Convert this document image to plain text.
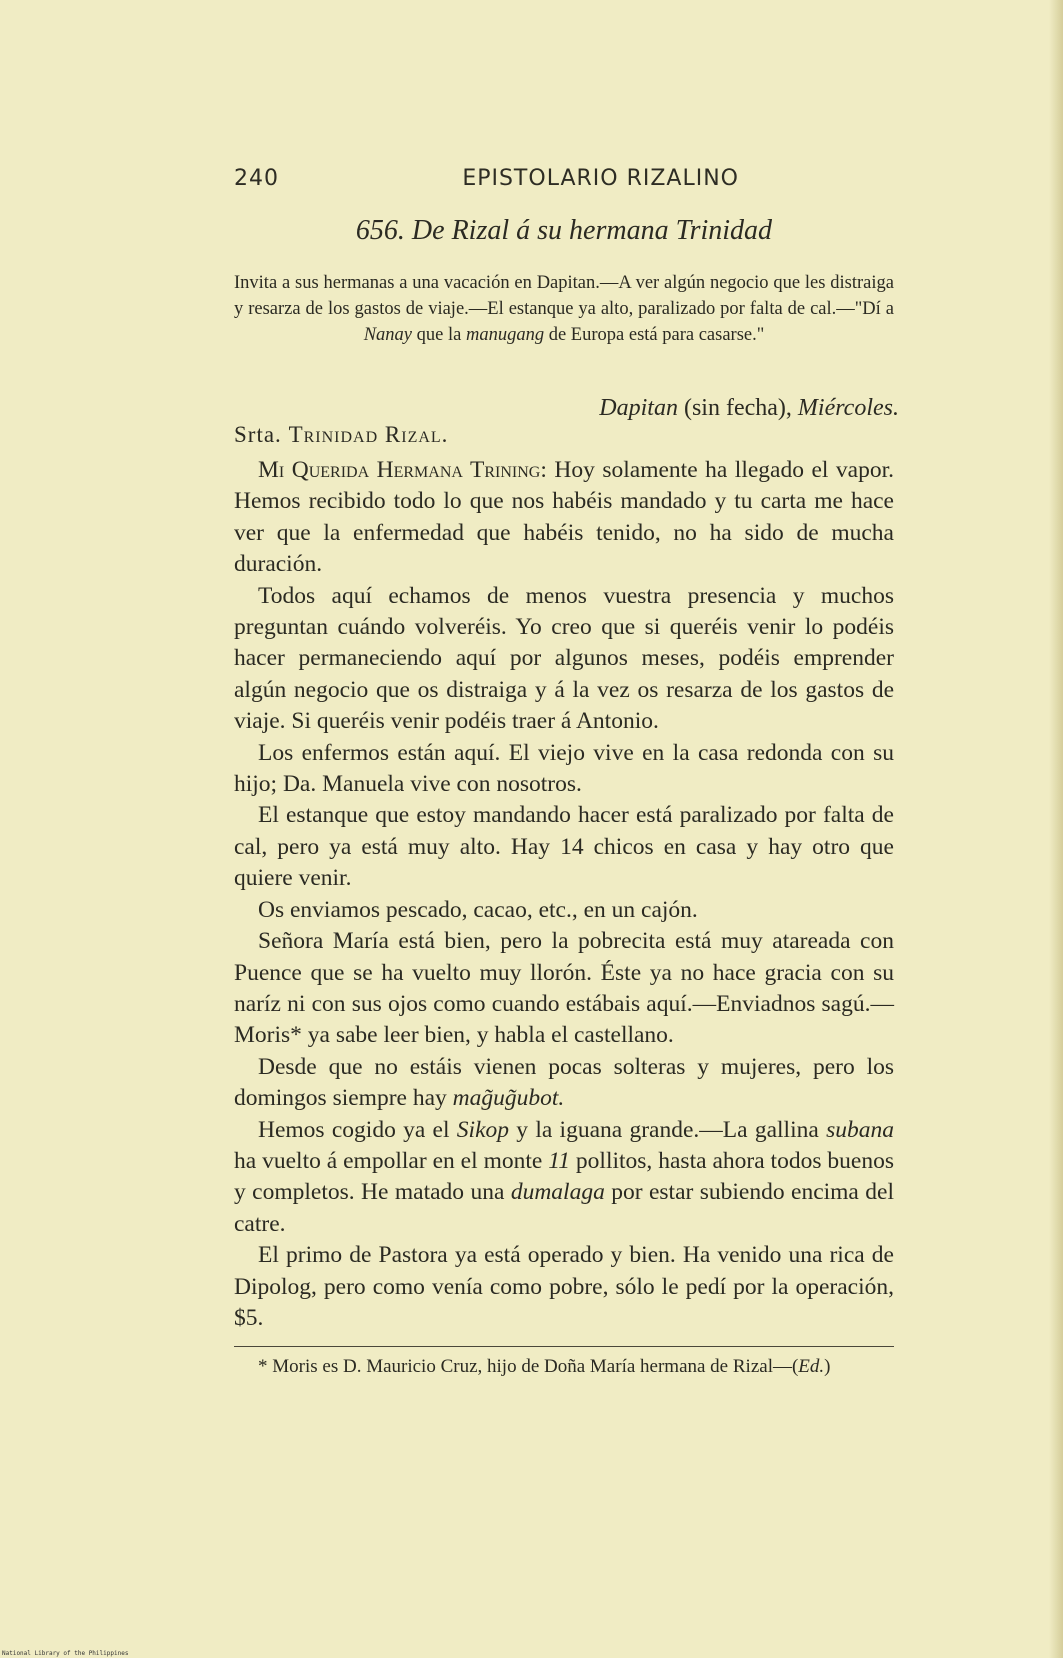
240	EPISTOLARIO RIZALINO
656. De Rizal á su hermana Trinidad

Invita a sus hermanas a una vacación en Dapitan.—A ver algún negocio que les distraiga y resarza de los gastos de viaje.—El estanque ya alto, paralizado por falta de cal.—"Dí a Nanay que la manugang de Europa está para casarse."

Dapitan (sin fecha), Miércoles.
Srta. Trinidad Rizal.

Mi Querida Hermana Trining: Hoy solamente ha llegado el vapor. Hemos recibido todo lo que nos habéis mandado y tu carta me hace ver que la enfermedad que habéis tenido, no ha sido de mucha duración.

Todos aquí echamos de menos vuestra presencia y muchos preguntan cuándo volveréis. Yo creo que si queréis venir lo podéis hacer permaneciendo aquí por algunos meses, podéis emprender algún negocio que os distraiga y á la vez os resarza de los gastos de viaje. Si queréis venir podéis traer á Antonio.

Los enfermos están aquí. El viejo vive en la casa redonda con su hijo; Da. Manuela vive con nosotros.

El estanque que estoy mandando hacer está paralizado por falta de cal, pero ya está muy alto. Hay 14 chicos en casa y hay otro que quiere venir.

Os enviamos pescado, cacao, etc., en un cajón.

Señora María está bien, pero la pobrecita está muy atareada con Puence que se ha vuelto muy llorón. Éste ya no hace gracia con su naríz ni con sus ojos como cuando estábais aquí.—Enviadnos sagú.—Moris* ya sabe leer bien, y habla el castellano.

Desde que no estáis vienen pocas solteras y mujeres, pero los domingos siempre hay mag̃ug̃ubot.

Hemos cogido ya el Sikop y la iguana grande.—La gallina subana ha vuelto á empollar en el monte 11 pollitos, hasta ahora todos buenos y completos. He matado una dumalaga por estar subiendo encima del catre.

El primo de Pastora ya está operado y bien. Ha venido una rica de Dipolog, pero como venía como pobre, sólo le pedí por la operación, $5.

* Moris es D. Mauricio Cruz, hijo de Doña María hermana de Rizal—(Ed.)

National Library of the Philippines
